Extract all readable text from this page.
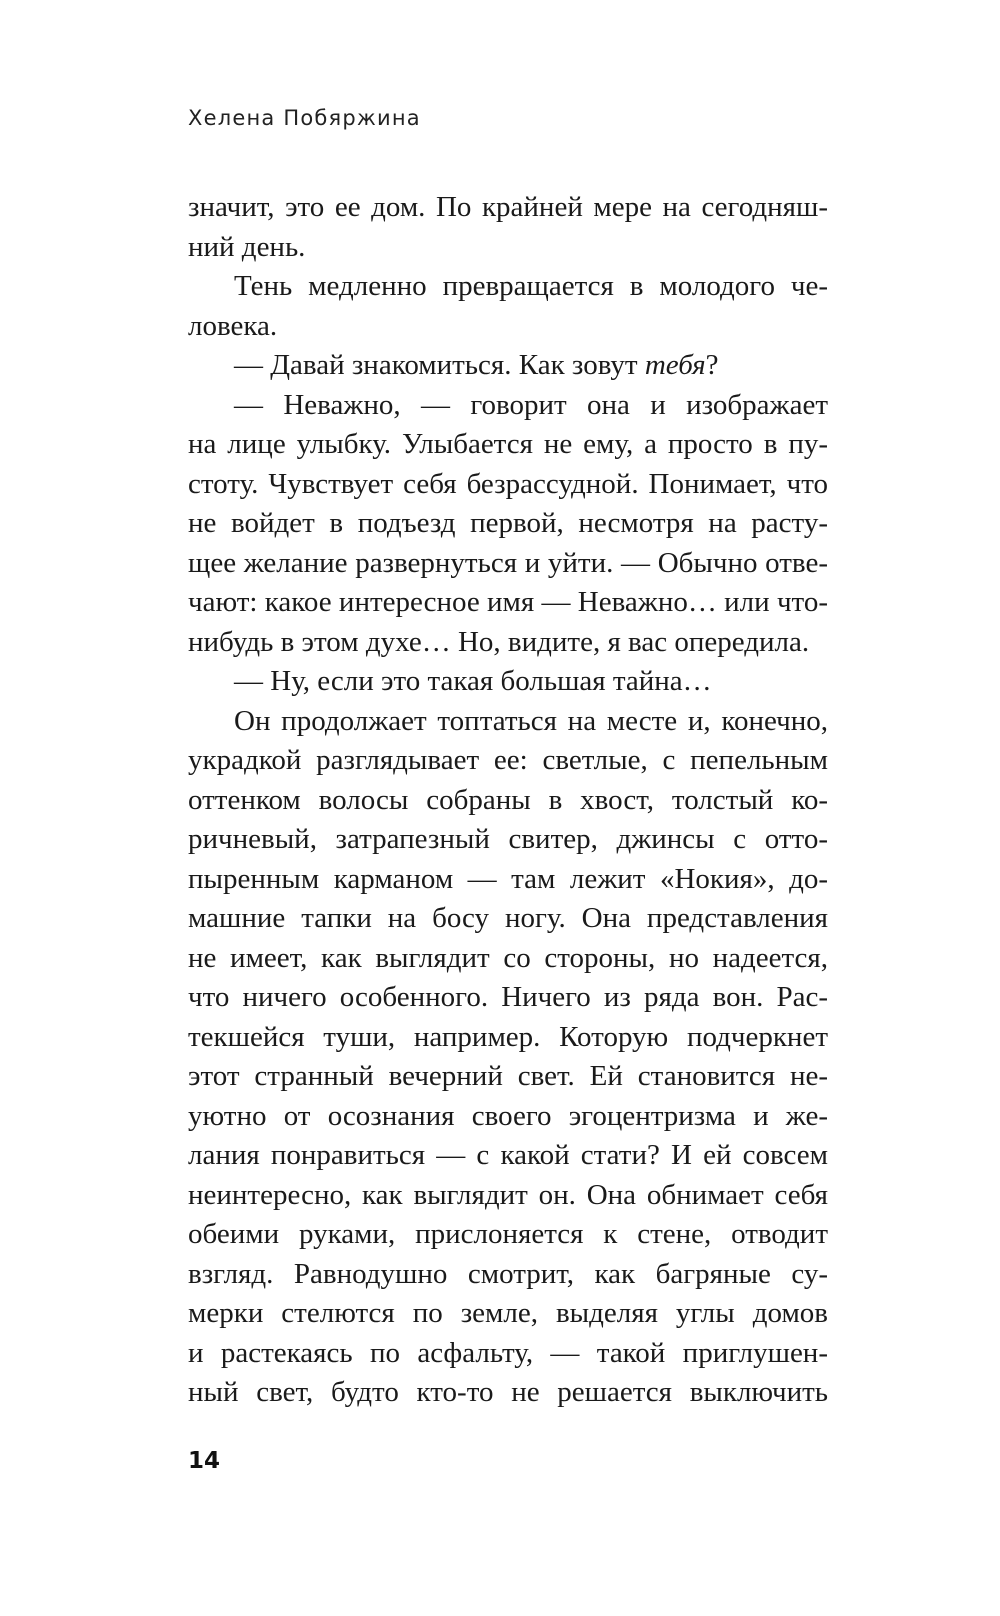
Хелена Побяржина
значит, это ее дом. По крайней мере на сегодняш-
ний день.
Тень медленно превращается в молодого че-
ловека.
— Давай знакомиться. Как зовут тебя?
— Неважно, — говорит она и изображает
на лице улыбку. Улыбается не ему, а просто в пу-
стоту. Чувствует себя безрассудной. Понимает, что
не войдет в подъезд первой, несмотря на расту-
щее желание развернуться и уйти. — Обычно отве-
чают: какое интересное имя — Неважно… или что-
нибудь в этом духе… Но, видите, я вас опередила.
— Ну, если это такая большая тайна…
Он продолжает топтаться на месте и, конечно,
украдкой разглядывает ее: светлые, с пепельным
оттенком волосы собраны в хвост, толстый ко-
ричневый, затрапезный свитер, джинсы с отто-
пыренным карманом — там лежит «Нокия», до-
машние тапки на босу ногу. Она представления
не имеет, как выглядит со стороны, но надеется,
что ничего особенного. Ничего из ряда вон. Рас-
текшейся туши, например. Которую подчеркнет
этот странный вечерний свет. Ей становится не-
уютно от осознания своего эгоцентризма и же-
лания понравиться — с какой стати? И ей совсем
неинтересно, как выглядит он. Она обнимает себя
обеими руками, прислоняется к стене, отводит
взгляд. Равнодушно смотрит, как багряные су-
мерки стелются по земле, выделяя углы домов
и растекаясь по асфальту, — такой приглушен-
ный свет, будто кто-то не решается выключить
14
